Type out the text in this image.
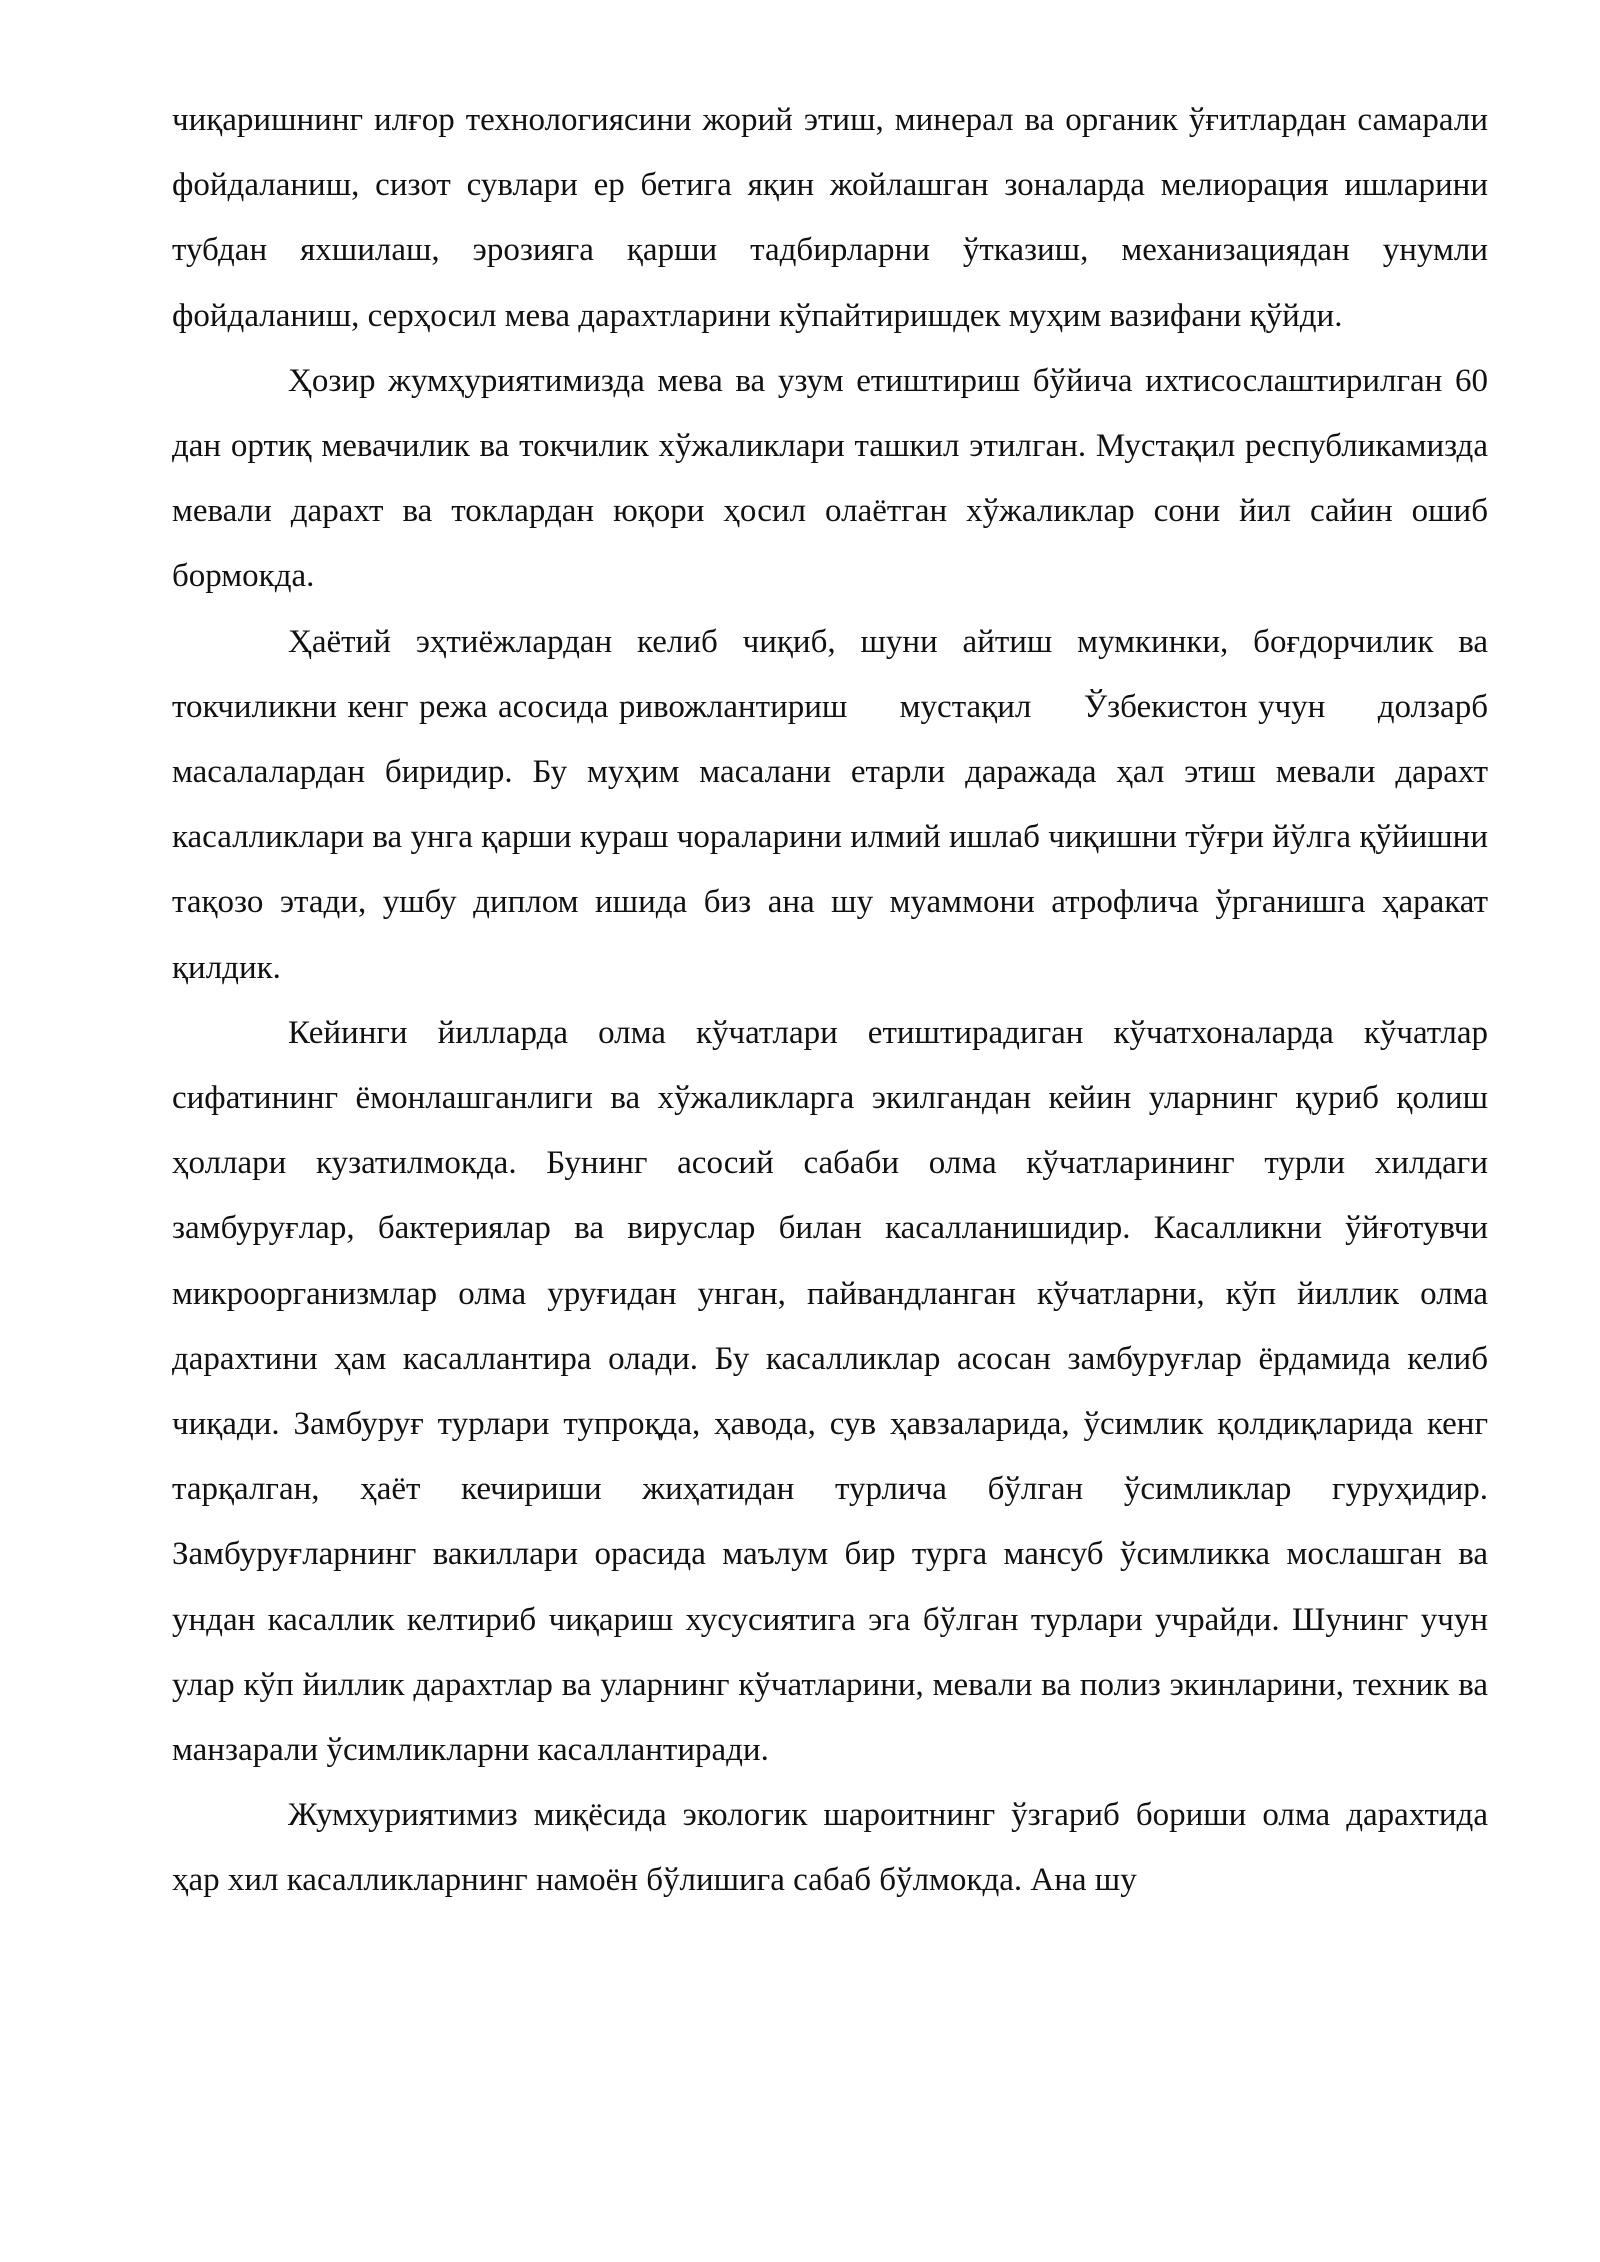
чиқаришнинг илғор технологиясини жорий этиш, минерал ва органик ўғитлардан самарали фойдаланиш, сизот сувлари ер бетига яқин жойлашган зоналарда мелиорация ишларини тубдан яхшилаш, эрозияга қарши тадбирларни ўтказиш, механизациядан унумли фойдаланиш, серҳосил мева дарахтларини кўпайтиришдек муҳим вазифани қўйди.

Ҳозир жумҳуриятимизда мева ва узум етиштириш бўйича ихтисослаштирилган 60 дан ортиқ мевачилик ва токчилик хўжаликлари ташкил этилган. Мустақил республикамизда мевали дарахт ва токлардан юқори ҳосил олаётган хўжаликлар сони йил сайин ошиб бормокда.

Ҳаётий эҳтиёжлардан келиб чиқиб, шуни айтиш мумкинки, боғдорчилик ва токчиликни кенг режа асосида ривожлантириш     мустақил     Ўзбекистон учун     долзарб масалалардан биридир. Бу муҳим масалани етарли даражада ҳал этиш мевали дарахт касалликлари ва унга қарши кураш чораларини илмий ишлаб чиқишни тўғри йўлга қўйишни тақозо этади, ушбу диплом ишида биз ана шу муаммони атрофлича ўрганишга ҳаракат қилдик.

Кейинги йилларда олма кўчатлари етиштирадиган кўчатхоналарда кўчатлар сифатининг ёмонлашганлиги ва хўжаликларга экилгандан кейин уларнинг қуриб қолиш ҳоллари кузатилмокда. Бунинг асосий сабаби олма кўчатларининг турли хилдаги замбуруғлар, бактериялар ва вируслар билан касалланишидир. Касалликни ўйғотувчи микроорганизмлар олма уруғидан унган, пайвандланган кўчатларни, кўп йиллик олма дарахтини ҳам касаллантира олади. Бу касалликлар асосан замбуруғлар ёрдамида келиб чиқади. Замбуруғ турлари тупроқда, ҳавода, сув ҳавзаларида, ўсимлик қолдиқларида кенг тарқалган, ҳаёт кечириши жиҳатидан турлича бўлган ўсимликлар гуруҳидир. Замбуруғларнинг вакиллари орасида маълум бир турга мансуб ўсимликка мослашган ва ундан касаллик келтириб чиқариш хусусиятига эга бўлган турлари учрайди. Шунинг учун улар кўп йиллик дарахтлар ва уларнинг кўчатларини, мевали ва полиз экинларини, техник ва манзарали ўсимликларни касаллантиради.

Жумхуриятимиз миқёсида экологик шароитнинг ўзгариб бориши олма дарахтида ҳар хил касалликларнинг намоён бўлишига сабаб бўлмокда. Ана шу
